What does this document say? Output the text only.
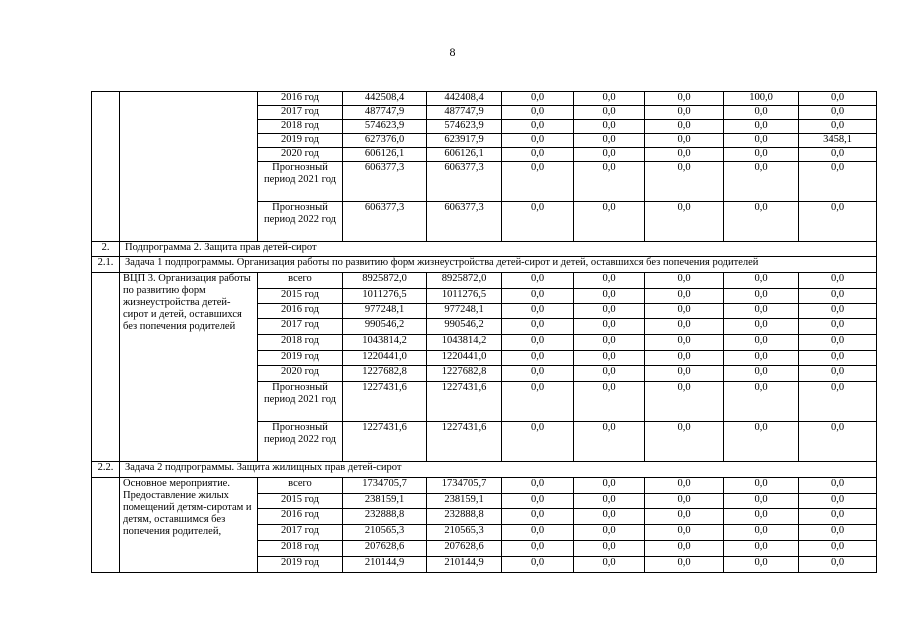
8
		2016 год	442508,4	442408,4	0,0	0,0	0,0	100,0	0,0
		2017 год	487747,9	487747,9	0,0	0,0	0,0	0,0	0,0
		2018 год	574623,9	574623,9	0,0	0,0	0,0	0,0	0,0
		2019 год	627376,0	623917,9	0,0	0,0	0,0	0,0	3458,1
		2020 год	606126,1	606126,1	0,0	0,0	0,0	0,0	0,0
		Прогнозный период 2021 год	606377,3	606377,3	0,0	0,0	0,0	0,0	0,0
		Прогнозный период 2022 год	606377,3	606377,3	0,0	0,0	0,0	0,0	0,0
2.	Подпрограмма 2. Защита прав детей-сирот								
2.1.	Задача 1 подпрограммы. Организация работы по развитию форм жизнеустройства детей-сирот и детей, оставшихся без попечения родителей								
	ВЦП 3. Организация работы по развитию форм жизнеустройства детей-сирот и детей, оставшихся без попечения родителей	всего	8925872,0	8925872,0	0,0	0,0	0,0	0,0	0,0
		2015 год	1011276,5	1011276,5	0,0	0,0	0,0	0,0	0,0
		2016 год	977248,1	977248,1	0,0	0,0	0,0	0,0	0,0
		2017 год	990546,2	990546,2	0,0	0,0	0,0	0,0	0,0
		2018 год	1043814,2	1043814,2	0,0	0,0	0,0	0,0	0,0
		2019 год	1220441,0	1220441,0	0,0	0,0	0,0	0,0	0,0
		2020 год	1227682,8	1227682,8	0,0	0,0	0,0	0,0	0,0
		Прогнозный период 2021 год	1227431,6	1227431,6	0,0	0,0	0,0	0,0	0,0
		Прогнозный период 2022 год	1227431,6	1227431,6	0,0	0,0	0,0	0,0	0,0
2.2.	Задача 2 подпрограммы. Защита жилищных прав детей-сирот								
	Основное мероприятие. Предоставление жилых помещений детям-сиротам и детям, оставшимся без попечения родителей,	всего	1734705,7	1734705,7	0,0	0,0	0,0	0,0	0,0
		2015 год	238159,1	238159,1	0,0	0,0	0,0	0,0	0,0
		2016 год	232888,8	232888,8	0,0	0,0	0,0	0,0	0,0
		2017 год	210565,3	210565,3	0,0	0,0	0,0	0,0	0,0
		2018 год	207628,6	207628,6	0,0	0,0	0,0	0,0	0,0
		2019 год	210144,9	210144,9	0,0	0,0	0,0	0,0	0,0
